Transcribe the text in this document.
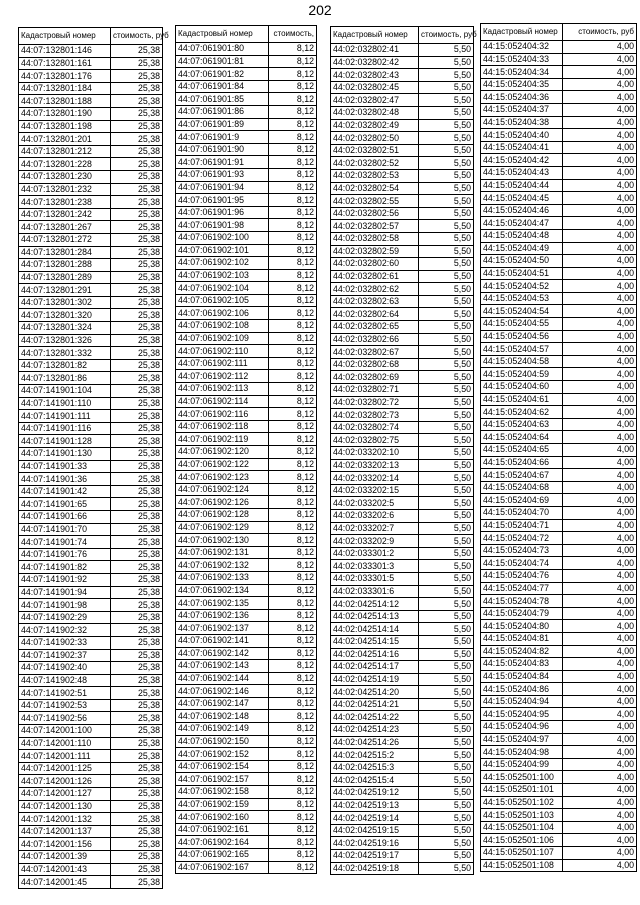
202
Кадастровый номер	стоимость, руб
44:07:132801:146	25,38
44:07:132801:161	25,38
44:07:132801:176	25,38
44:07:132801:184	25,38
44:07:132801:188	25,38
44:07:132801:190	25,38
44:07:132801:198	25,38
44:07:132801:201	25,38
44:07:132801:212	25,38
44:07:132801:228	25,38
44:07:132801:230	25,38
44:07:132801:232	25,38
44:07:132801:238	25,38
44:07:132801:242	25,38
44:07:132801:267	25,38
44:07:132801:272	25,38
44:07:132801:284	25,38
44:07:132801:288	25,38
44:07:132801:289	25,38
44:07:132801:291	25,38
44:07:132801:302	25,38
44:07:132801:320	25,38
44:07:132801:324	25,38
44:07:132801:326	25,38
44:07:132801:332	25,38
44:07:132801:82	25,38
44:07:132801:86	25,38
44:07:141901:104	25,38
44:07:141901:110	25,38
44:07:141901:111	25,38
44:07:141901:116	25,38
44:07:141901:128	25,38
44:07:141901:130	25,38
44:07:141901:33	25,38
44:07:141901:36	25,38
44:07:141901:42	25,38
44:07:141901:65	25,38
44:07:141901:66	25,38
44:07:141901:70	25,38
44:07:141901:74	25,38
44:07:141901:76	25,38
44:07:141901:82	25,38
44:07:141901:92	25,38
44:07:141901:94	25,38
44:07:141901:98	25,38
44:07:141902:29	25,38
44:07:141902:32	25,38
44:07:141902:33	25,38
44:07:141902:37	25,38
44:07:141902:40	25,38
44:07:141902:48	25,38
44:07:141902:51	25,38
44:07:141902:53	25,38
44:07:141902:56	25,38
44:07:142001:100	25,38
44:07:142001:110	25,38
44:07:142001:111	25,38
44:07:142001:125	25,38
44:07:142001:126	25,38
44:07:142001:127	25,38
44:07:142001:130	25,38
44:07:142001:132	25,38
44:07:142001:137	25,38
44:07:142001:156	25,38
44:07:142001:39	25,38
44:07:142001:43	25,38
44:07:142001:45	25,38
Кадастровый номер	стоимость,
44:07:061901:80	8,12
44:07:061901:81	8,12
44:07:061901:82	8,12
44:07:061901:84	8,12
44:07:061901:85	8,12
44:07:061901:86	8,12
44:07:061901:89	8,12
44:07:061901:9	8,12
44:07:061901:90	8,12
44:07:061901:91	8,12
44:07:061901:93	8,12
44:07:061901:94	8,12
44:07:061901:95	8,12
44:07:061901:96	8,12
44:07:061901:98	8,12
44:07:061902:100	8,12
44:07:061902:101	8,12
44:07:061902:102	8,12
44:07:061902:103	8,12
44:07:061902:104	8,12
44:07:061902:105	8,12
44:07:061902:106	8,12
44:07:061902:108	8,12
44:07:061902:109	8,12
44:07:061902:110	8,12
44:07:061902:111	8,12
44:07:061902:112	8,12
44:07:061902:113	8,12
44:07:061902:114	8,12
44:07:061902:116	8,12
44:07:061902:118	8,12
44:07:061902:119	8,12
44:07:061902:120	8,12
44:07:061902:122	8,12
44:07:061902:123	8,12
44:07:061902:124	8,12
44:07:061902:126	8,12
44:07:061902:128	8,12
44:07:061902:129	8,12
44:07:061902:130	8,12
44:07:061902:131	8,12
44:07:061902:132	8,12
44:07:061902:133	8,12
44:07:061902:134	8,12
44:07:061902:135	8,12
44:07:061902:136	8,12
44:07:061902:137	8,12
44:07:061902:141	8,12
44:07:061902:142	8,12
44:07:061902:143	8,12
44:07:061902:144	8,12
44:07:061902:146	8,12
44:07:061902:147	8,12
44:07:061902:148	8,12
44:07:061902:149	8,12
44:07:061902:150	8,12
44:07:061902:152	8,12
44:07:061902:154	8,12
44:07:061902:157	8,12
44:07:061902:158	8,12
44:07:061902:159	8,12
44:07:061902:160	8,12
44:07:061902:161	8,12
44:07:061902:164	8,12
44:07:061902:165	8,12
44:07:061902:167	8,12
Кадастровый номер	стоимость, руб
44:02:032802:41	5,50
44:02:032802:42	5,50
44:02:032802:43	5,50
44:02:032802:45	5,50
44:02:032802:47	5,50
44:02:032802:48	5,50
44:02:032802:49	5,50
44:02:032802:50	5,50
44:02:032802:51	5,50
44:02:032802:52	5,50
44:02:032802:53	5,50
44:02:032802:54	5,50
44:02:032802:55	5,50
44:02:032802:56	5,50
44:02:032802:57	5,50
44:02:032802:58	5,50
44:02:032802:59	5,50
44:02:032802:60	5,50
44:02:032802:61	5,50
44:02:032802:62	5,50
44:02:032802:63	5,50
44:02:032802:64	5,50
44:02:032802:65	5,50
44:02:032802:66	5,50
44:02:032802:67	5,50
44:02:032802:68	5,50
44:02:032802:69	5,50
44:02:032802:71	5,50
44:02:032802:72	5,50
44:02:032802:73	5,50
44:02:032802:74	5,50
44:02:032802:75	5,50
44:02:033202:10	5,50
44:02:033202:13	5,50
44:02:033202:14	5,50
44:02:033202:15	5,50
44:02:033202:5	5,50
44:02:033202:6	5,50
44:02:033202:7	5,50
44:02:033202:9	5,50
44:02:033301:2	5,50
44:02:033301:3	5,50
44:02:033301:5	5,50
44:02:033301:6	5,50
44:02:042514:12	5,50
44:02:042514:13	5,50
44:02:042514:14	5,50
44:02:042514:15	5,50
44:02:042514:16	5,50
44:02:042514:17	5,50
44:02:042514:19	5,50
44:02:042514:20	5,50
44:02:042514:21	5,50
44:02:042514:22	5,50
44:02:042514:23	5,50
44:02:042514:26	5,50
44:02:042515:2	5,50
44:02:042515:3	5,50
44:02:042515:4	5,50
44:02:042519:12	5,50
44:02:042519:13	5,50
44:02:042519:14	5,50
44:02:042519:15	5,50
44:02:042519:16	5,50
44:02:042519:17	5,50
44:02:042519:18	5,50
Кадастровый номер	стоимость, руб
44:15:052404:32	4,00
44:15:052404:33	4,00
44:15:052404:34	4,00
44:15:052404:35	4,00
44:15:052404:36	4,00
44:15:052404:37	4,00
44:15:052404:38	4,00
44:15:052404:40	4,00
44:15:052404:41	4,00
44:15:052404:42	4,00
44:15:052404:43	4,00
44:15:052404:44	4,00
44:15:052404:45	4,00
44:15:052404:46	4,00
44:15:052404:47	4,00
44:15:052404:48	4,00
44:15:052404:49	4,00
44:15:052404:50	4,00
44:15:052404:51	4,00
44:15:052404:52	4,00
44:15:052404:53	4,00
44:15:052404:54	4,00
44:15:052404:55	4,00
44:15:052404:56	4,00
44:15:052404:57	4,00
44:15:052404:58	4,00
44:15:052404:59	4,00
44:15:052404:60	4,00
44:15:052404:61	4,00
44:15:052404:62	4,00
44:15:052404:63	4,00
44:15:052404:64	4,00
44:15:052404:65	4,00
44:15:052404:66	4,00
44:15:052404:67	4,00
44:15:052404:68	4,00
44:15:052404:69	4,00
44:15:052404:70	4,00
44:15:052404:71	4,00
44:15:052404:72	4,00
44:15:052404:73	4,00
44:15:052404:74	4,00
44:15:052404:76	4,00
44:15:052404:77	4,00
44:15:052404:78	4,00
44:15:052404:79	4,00
44:15:052404:80	4,00
44:15:052404:81	4,00
44:15:052404:82	4,00
44:15:052404:83	4,00
44:15:052404:84	4,00
44:15:052404:86	4,00
44:15:052404:94	4,00
44:15:052404:95	4,00
44:15:052404:96	4,00
44:15:052404:97	4,00
44:15:052404:98	4,00
44:15:052404:99	4,00
44:15:052501:100	4,00
44:15:052501:101	4,00
44:15:052501:102	4,00
44:15:052501:103	4,00
44:15:052501:104	4,00
44:15:052501:106	4,00
44:15:052501:107	4,00
44:15:052501:108	4,00
